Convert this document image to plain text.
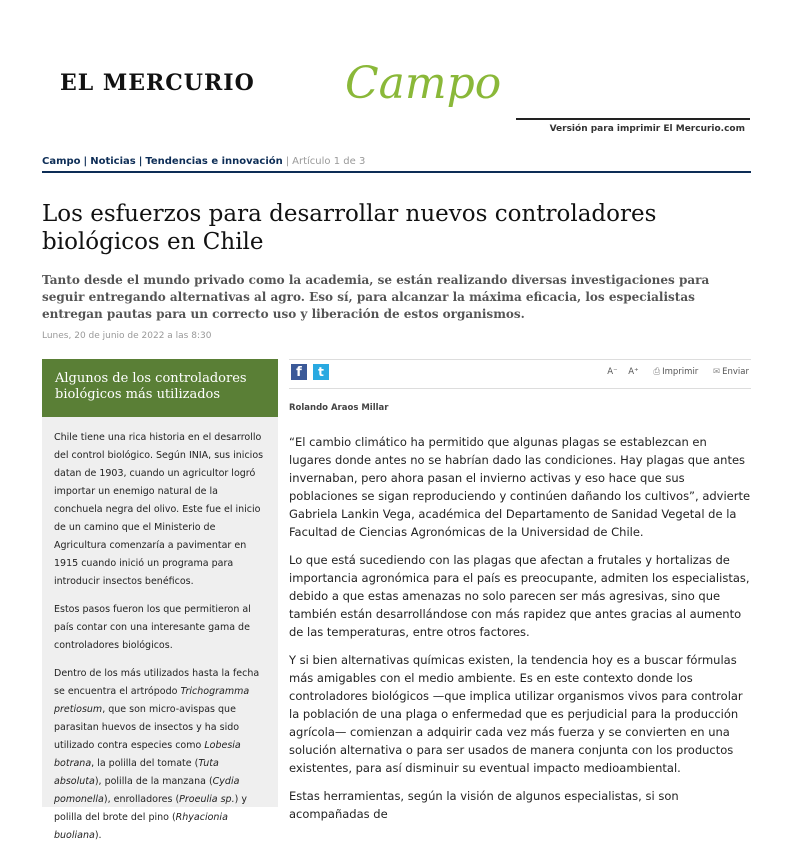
EL MERCURIO Campo
Versión para imprimir El Mercurio.com
Campo | Noticias | Tendencias e innovación | Artículo 1 de 3
Los esfuerzos para desarrollar nuevos controladores biológicos en Chile

Tanto desde el mundo privado como la academia, se están realizando diversas investigaciones para seguir entregando alternativas al agro. Eso sí, para alcanzar la máxima eficacia, los especialistas entregan pautas para un correcto uso y liberación de estos organismos.

Lunes, 20 de junio de 2022 a las 8:30
Algunos de los controladores biológicos más utilizados

Chile tiene una rica historia en el desarrollo del control biológico. Según INIA, sus inicios datan de 1903, cuando un agricultor logró importar un enemigo natural de la conchuela negra del olivo. Este fue el inicio de un camino que el Ministerio de Agricultura comenzaría a pavimentar en 1915 cuando inició un programa para introducir insectos benéficos.

Estos pasos fueron los que permitieron al país contar con una interesante gama de controladores biológicos.

Dentro de los más utilizados hasta la fecha se encuentra el artrópodo Trichogramma pretiosum, que son micro-avispas que parasitan huevos de insectos y ha sido utilizado contra especies como Lobesia botrana, la polilla del tomate (Tuta absoluta), polilla de la manzana (Cydia pomonella), enrolladores (Proeulia sp.) y polilla del brote del pino (Rhyacionia buoliana).

f	t	A⁻ A⁺ ⎙ Imprimir ✉ Enviar
Rolando Araos Millar

“El cambio climático ha permitido que algunas plagas se establezcan en lugares donde antes no se habrían dado las condiciones. Hay plagas que antes invernaban, pero ahora pasan el invierno activas y eso hace que sus poblaciones se sigan reproduciendo y continúen dañando los cultivos”, advierte Gabriela Lankin Vega, académica del Departamento de Sanidad Vegetal de la Facultad de Ciencias Agronómicas de la Universidad de Chile.

Lo que está sucediendo con las plagas que afectan a frutales y hortalizas de importancia agronómica para el país es preocupante, admiten los especialistas, debido a que estas amenazas no solo parecen ser más agresivas, sino que también están desarrollándose con más rapidez que antes gracias al aumento de las temperaturas, entre otros factores.

Y si bien alternativas químicas existen, la tendencia hoy es a buscar fórmulas más amigables con el medio ambiente. Es en este contexto donde los controladores biológicos —que implica utilizar organismos vivos para controlar la población de una plaga o enfermedad que es perjudicial para la producción agrícola— comienzan a adquirir cada vez más fuerza y se convierten en una solución alternativa o para ser usados de manera conjunta con los productos existentes, para así disminuir su eventual impacto medioambiental.

Estas herramientas, según la visión de algunos especialistas, si son acompañadas de
